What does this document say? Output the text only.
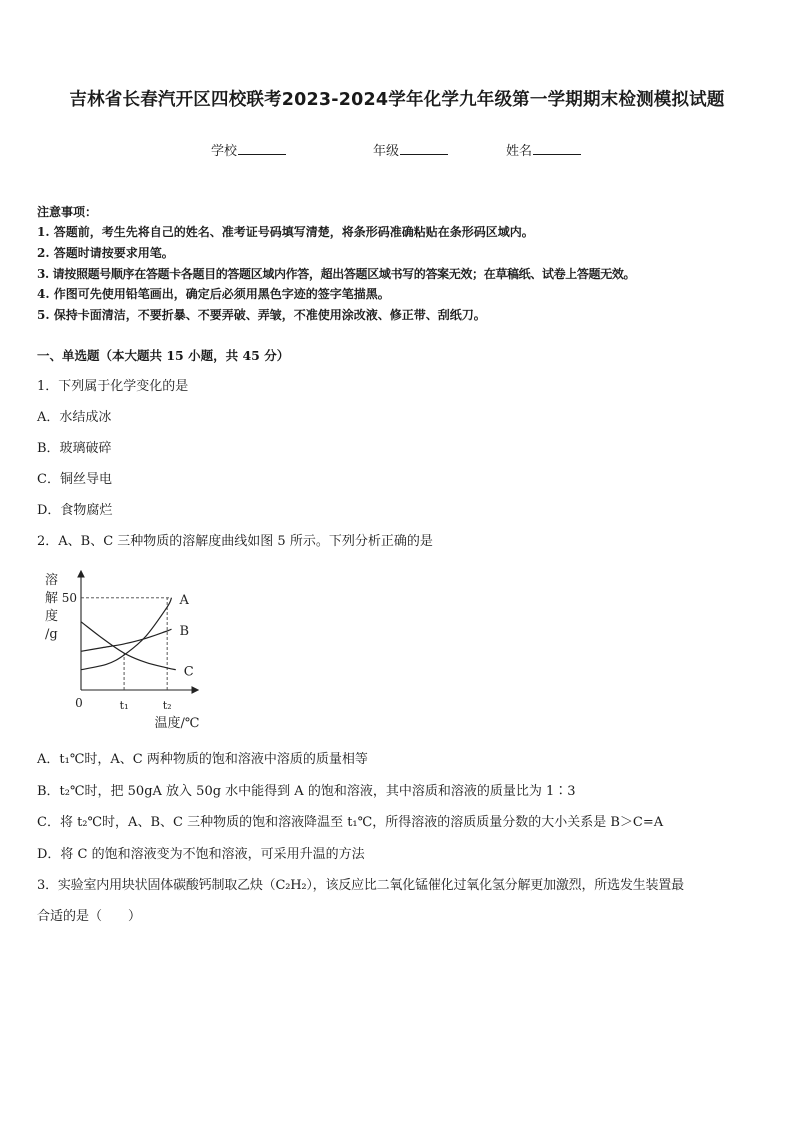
吉林省长春汽开区四校联考2023-2024学年化学九年级第一学期期末检测模拟试题
学校	年级	姓名
注意事项：
1. 答题前，考生先将自己的姓名、准考证号码填写清楚，将条形码准确粘贴在条形码区域内。
2. 答题时请按要求用笔。
3. 请按照题号顺序在答题卡各题目的答题区域内作答，超出答题区域书写的答案无效；在草稿纸、试卷上答题无效。
4. 作图可先使用铅笔画出，确定后必须用黑色字迹的签字笔描黑。
5. 保持卡面清洁，不要折暴、不要弄破、弄皱，不准使用涂改液、修正带、刮纸刀。
一、单选题（本大题共 15 小题，共 45 分）
1．下列属于化学变化的是
A．水结成冰
B．玻璃破碎
C．铜丝导电
D．食物腐烂
2．A、B、C 三种物质的溶解度曲线如图 5 所示。下列分析正确的是
A
B
C
溶
解
度
/g
50
0	t₁	t₂
温度/℃
A．t₁℃时，A、C 两种物质的饱和溶液中溶质的质量相等
B．t₂℃时，把 50gA 放入 50g 水中能得到 A 的饱和溶液，其中溶质和溶液的质量比为 1∶3
C．将 t₂℃时，A、B、C 三种物质的饱和溶液降温至 t₁℃，所得溶液的溶质质量分数的大小关系是 B＞C=A
D．将 C 的饱和溶液变为不饱和溶液，可采用升温的方法
3．实验室内用块状固体碳酸钙制取乙炔（C₂H₂），该反应比二氧化锰催化过氧化氢分解更加激烈，所选发生装置最
合适的是（　　）
